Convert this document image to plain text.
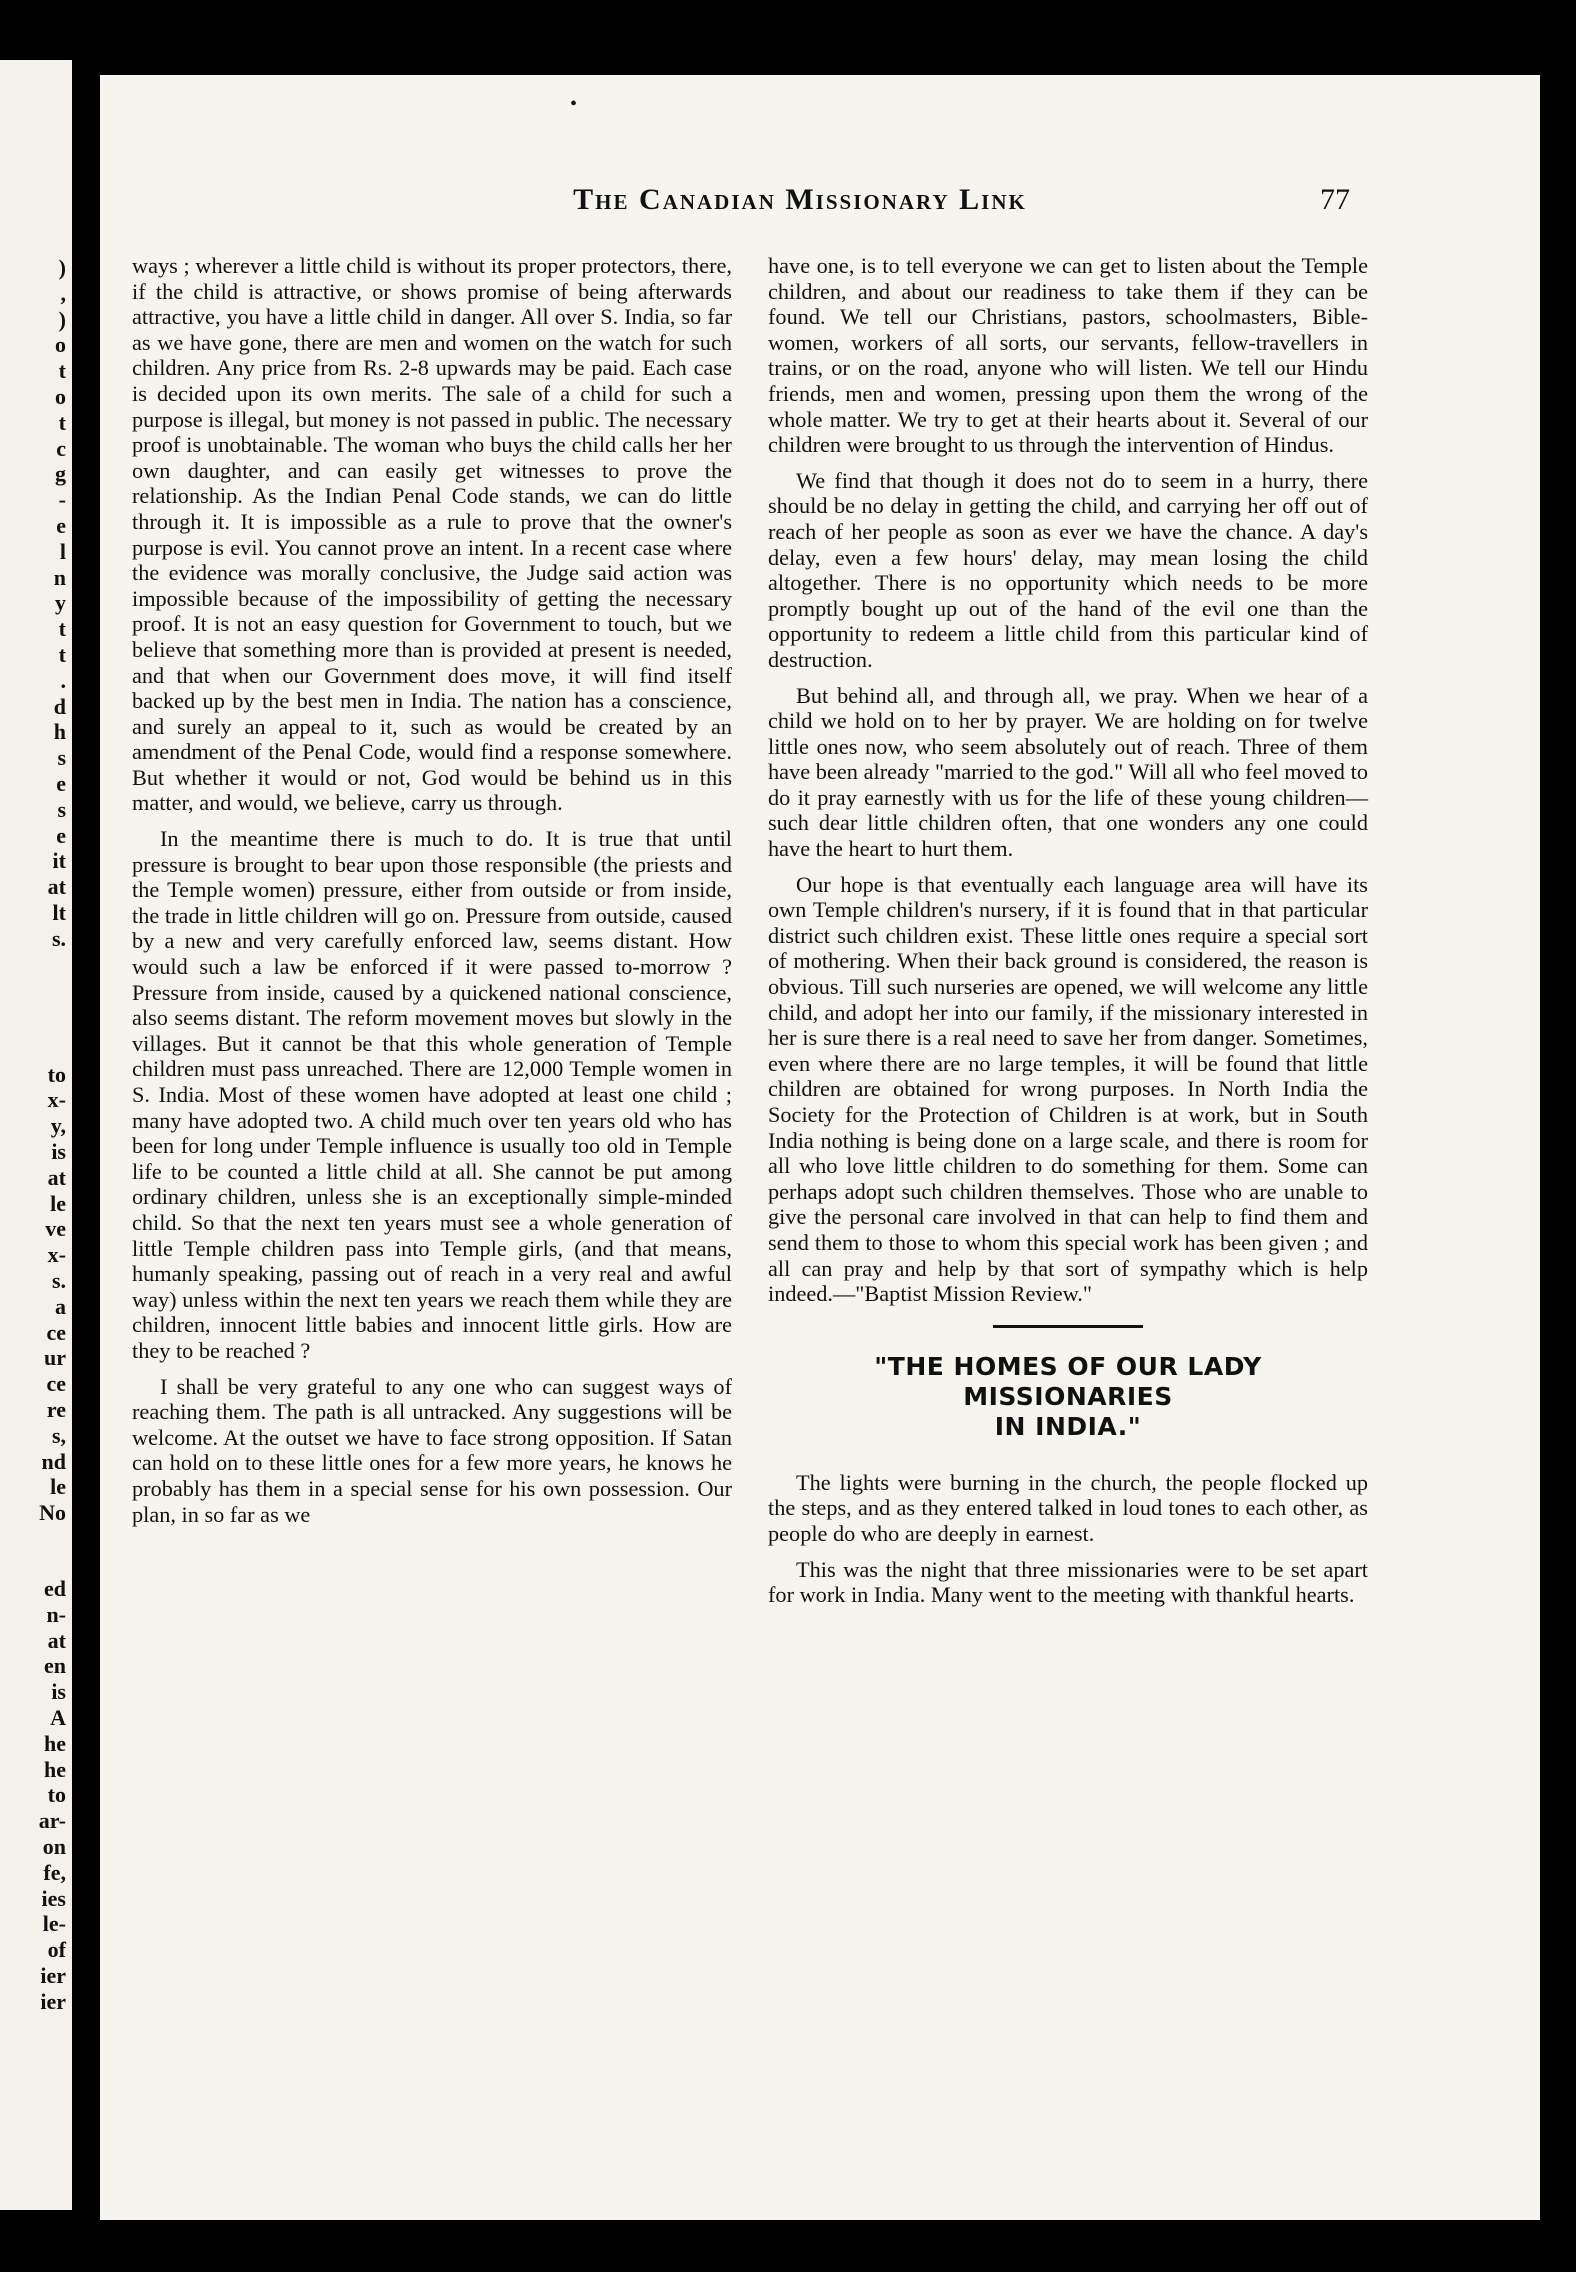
)
,
)
o
t
o
t
c
g
-
e
l
n
y
t
t
.
d
h
s
e
s
e
it
at
lt
s.
to
x-
y,
is
at
le
ve
x-
s.
a
ce
ur
ce
re
s,
nd
le
No
ed
n-
at
en
is
A
he
he
to
ar-
on
fe,
ies
le-
of
ier
ier
•
The Canadian Missionary Link	77

ways ; wherever a little child is without its proper protectors, there, if the child is attractive, or shows promise of being afterwards attractive, you have a little child in danger. All over S. India, so far as we have gone, there are men and women on the watch for such children. Any price from Rs. 2-8 upwards may be paid. Each case is decided upon its own merits. The sale of a child for such a purpose is illegal, but money is not passed in public. The necessary proof is unobtainable. The woman who buys the child calls her her own daughter, and can easily get witnesses to prove the relationship. As the Indian Penal Code stands, we can do little through it. It is impossible as a rule to prove that the owner's purpose is evil. You cannot prove an intent. In a recent case where the evidence was morally conclusive, the Judge said action was impossible because of the impossibility of getting the necessary proof. It is not an easy question for Government to touch, but we believe that something more than is provided at present is needed, and that when our Government does move, it will find itself backed up by the best men in India. The nation has a conscience, and surely an appeal to it, such as would be created by an amendment of the Penal Code, would find a response somewhere. But whether it would or not, God would be behind us in this matter, and would, we believe, carry us through.

In the meantime there is much to do. It is true that until pressure is brought to bear upon those responsible (the priests and the Temple women) pressure, either from outside or from inside, the trade in little children will go on. Pressure from outside, caused by a new and very carefully enforced law, seems distant. How would such a law be enforced if it were passed to-morrow ? Pressure from inside, caused by a quickened national conscience, also seems distant. The reform movement moves but slowly in the villages. But it cannot be that this whole generation of Temple children must pass unreached. There are 12,000 Temple women in S. India. Most of these women have adopted at least one child ; many have adopted two. A child much over ten years old who has been for long under Temple influence is usually too old in Temple life to be counted a little child at all. She cannot be put among ordinary children, unless she is an exceptionally simple-minded child. So that the next ten years must see a whole generation of little Temple children pass into Temple girls, (and that means, humanly speaking, passing out of reach in a very real and awful way) unless within the next ten years we reach them while they are children, innocent little babies and innocent little girls. How are they to be reached ?

I shall be very grateful to any one who can suggest ways of reaching them. The path is all untracked. Any suggestions will be welcome. At the outset we have to face strong opposition. If Satan can hold on to these little ones for a few more years, he knows he probably has them in a special sense for his own possession. Our plan, in so far as we

have one, is to tell everyone we can get to listen about the Temple children, and about our readiness to take them if they can be found. We tell our Christians, pastors, schoolmasters, Bible-women, workers of all sorts, our servants, fellow-travellers in trains, or on the road, anyone who will listen. We tell our Hindu friends, men and women, pressing upon them the wrong of the whole matter. We try to get at their hearts about it. Several of our children were brought to us through the intervention of Hindus.

We find that though it does not do to seem in a hurry, there should be no delay in getting the child, and carrying her off out of reach of her people as soon as ever we have the chance. A day's delay, even a few hours' delay, may mean losing the child altogether. There is no opportunity which needs to be more promptly bought up out of the hand of the evil one than the opportunity to redeem a little child from this particular kind of destruction.

But behind all, and through all, we pray. When we hear of a child we hold on to her by prayer. We are holding on for twelve little ones now, who seem absolutely out of reach. Three of them have been already "married to the god." Will all who feel moved to do it pray earnestly with us for the life of these young children—such dear little children often, that one wonders any one could have the heart to hurt them.

Our hope is that eventually each language area will have its own Temple children's nursery, if it is found that in that particular district such children exist. These little ones require a special sort of mothering. When their back ground is considered, the reason is obvious. Till such nurseries are opened, we will welcome any little child, and adopt her into our family, if the missionary interested in her is sure there is a real need to save her from danger. Sometimes, even where there are no large temples, it will be found that little children are obtained for wrong purposes. In North India the Society for the Protection of Children is at work, but in South India nothing is being done on a large scale, and there is room for all who love little children to do something for them. Some can perhaps adopt such children themselves. Those who are unable to give the personal care involved in that can help to find them and send them to those to whom this special work has been given ; and all can pray and help by that sort of sympathy which is help indeed.—"Baptist Mission Review."

"THE HOMES OF OUR LADY MISSIONARIES
IN INDIA."

The lights were burning in the church, the people flocked up the steps, and as they entered talked in loud tones to each other, as people do who are deeply in earnest.

This was the night that three missionaries were to be set apart for work in India. Many went to the meeting with thankful hearts.
